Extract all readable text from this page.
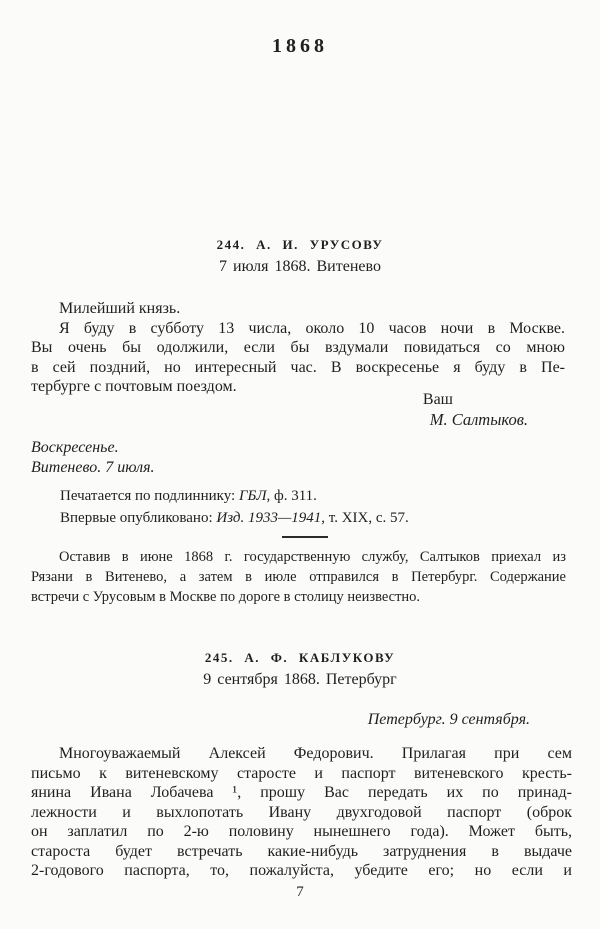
1868
244. А. И. УРУСОВУ
7 июля 1868. Витенево
Милейший князь.
Я буду в субботу 13 числа, около 10 часов ночи в Москве.
Вы очень бы одолжили, если бы вздумали повидаться со мною
в сей поздний, но интересный час. В воскресенье я буду в Пе-
тербурге с почтовым поездом.
Ваш
М. Салтыков.
Воскресенье.
Витенево. 7 июля.
Печатается по подлиннику: ГБЛ, ф. 311.
Впервые опубликовано: Изд. 1933—1941, т. XIX, с. 57.
Оставив в июне 1868 г. государственную службу, Салтыков приехал из
Рязани в Витенево, а затем в июле отправился в Петербург. Содержание
встречи с Урусовым в Москве по дороге в столицу неизвестно.
245. А. Ф. КАБЛУКОВУ
9 сентября 1868. Петербург
Петербург. 9 сентября.
Многоуважаемый Алексей Федорович. Прилагая при сем
письмо к витеневскому старосте и паспорт витеневского кресть-
янина Ивана Лобачева ¹, прошу Вас передать их по принад-
лежности и выхлопотать Ивану двухгодовой паспорт (оброк
он заплатил по 2-ю половину нынешнего года). Может быть,
староста будет встречать какие-нибудь затруднения в выдаче
2-годового паспорта, то, пожалуйста, убедите его; но если и
7
